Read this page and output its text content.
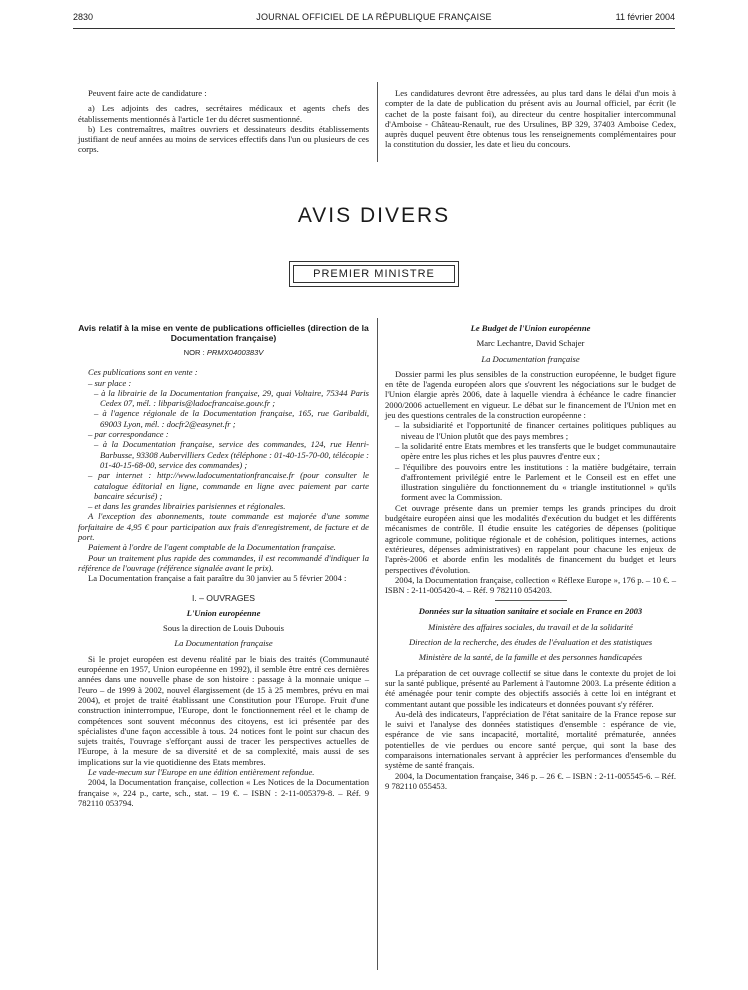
2830	JOURNAL OFFICIEL DE LA RÉPUBLIQUE FRANÇAISE	11 février 2004

Peuvent faire acte de candidature :

a) Les adjoints des cadres, secrétaires médicaux et agents chefs des établissements mentionnés à l'article 1er du décret susmentionné.

b) Les contremaîtres, maîtres ouvriers et dessinateurs desdits établissements justifiant de neuf années au moins de services effectifs dans l'un ou plusieurs de ces corps.

Les candidatures devront être adressées, au plus tard dans le délai d'un mois à compter de la date de publication du présent avis au Journal officiel, par écrit (le cachet de la poste faisant foi), au directeur du centre hospitalier intercommunal d'Amboise - Château-Renault, rue des Ursulines, BP 329, 37403 Amboise Cedex, auprès duquel peuvent être obtenus tous les renseignements complémentaires pour la constitution du dossier, les date et lieu du concours.

AVIS DIVERS
PREMIER MINISTRE

Avis relatif à la mise en vente de publications officielles (direction de la Documentation française)

NOR : PRMX0400383V

Ces publications sont en vente :

– sur place :

– à la librairie de la Documentation française, 29, quai Voltaire, 75344 Paris Cedex 07, mél. : libparis@ladocfrancaise.gouv.fr ;

– à l'agence régionale de la Documentation française, 165, rue Garibaldi, 69003 Lyon, mél. : docfr2@easynet.fr ;

– par correspondance :

– à la Documentation française, service des commandes, 124, rue Henri-Barbusse, 93308 Aubervilliers Cedex (téléphone : 01-40-15-70-00, télécopie : 01-40-15-68-00, service des commandes) ;

– par internet : http://www.ladocumentationfrancaise.fr (pour consulter le catalogue éditorial en ligne, commande en ligne avec paiement par carte bancaire sécurisé) ;

– et dans les grandes librairies parisiennes et régionales.

A l'exception des abonnements, toute commande est majorée d'une somme forfaitaire de 4,95 € pour participation aux frais d'enregistrement, de facture et de port.

Paiement à l'ordre de l'agent comptable de la Documentation française.

Pour un traitement plus rapide des commandes, il est recommandé d'indiquer la référence de l'ouvrage (référence signalée avant le prix).

La Documentation française a fait paraître du 30 janvier au 5 février 2004 :

I. – OUVRAGES

L'Union européenne

Sous la direction de Louis Dubouis

La Documentation française

Si le projet européen est devenu réalité par le biais des traités (Communauté européenne en 1957, Union européenne en 1992), il semble être entré ces dernières années dans une nouvelle phase de son histoire : passage à la monnaie unique – l'euro – de 1999 à 2002, nouvel élargissement (de 15 à 25 membres, prévu en mai 2004), et projet de traité établissant une Constitution pour l'Europe. Fruit d'une construction ininterrompue, l'Europe, dont le fonctionnement réel et le champ de compétences sont souvent méconnus des citoyens, est ici présentée par des spécialistes d'une façon accessible à tous. 24 notices font le point sur chacun des sujets traités, l'ouvrage s'efforçant aussi de tracer les perspectives actuelles de l'Europe, à la mesure de sa diversité et de sa complexité, mais aussi de ses implications sur la vie quotidienne des Etats membres.

Le vade-mecum sur l'Europe en une édition entièrement refondue.

2004, la Documentation française, collection « Les Notices de la Documentation française », 224 p., carte, sch., stat. – 19 €. – ISBN : 2-11-005379-8. – Réf. 9 782110 053794.

Le Budget de l'Union européenne

Marc Lechantre, David Schajer

La Documentation française

Dossier parmi les plus sensibles de la construction européenne, le budget figure en tête de l'agenda européen alors que s'ouvrent les négociations sur le budget de l'Union élargie après 2006, date à laquelle viendra à échéance le cadre financier 2000/2006 actuellement en vigueur. Le débat sur le financement de l'Union met en jeu des questions centrales de la construction européenne :

– la subsidiarité et l'opportunité de financer certaines politiques publiques au niveau de l'Union plutôt que des pays membres ;

– la solidarité entre Etats membres et les transferts que le budget communautaire opère entre les plus riches et les plus pauvres d'entre eux ;

– l'équilibre des pouvoirs entre les institutions : la matière budgétaire, terrain d'affrontement privilégié entre le Parlement et le Conseil est en effet une illustration singulière du fonctionnement du « triangle institutionnel » qu'ils forment avec la Commission.

Cet ouvrage présente dans un premier temps les grands principes du droit budgétaire européen ainsi que les modalités d'exécution du budget et les différents mécanismes de contrôle. Il étudie ensuite les catégories de dépenses (politique agricole commune, politique régionale et de cohésion, politiques internes, actions extérieures, dépenses administratives) en rappelant pour chacune les enjeux de l'après-2006 et aborde enfin les modalités de financement du budget et leurs perspectives d'évolution.

2004, la Documentation française, collection « Réflexe Europe », 176 p. – 10 €. – ISBN : 2-11-005420-4. – Réf. 9 782110 054203.

Données sur la situation sanitaire et sociale en France en 2003

Ministère des affaires sociales, du travail et de la solidarité

Direction de la recherche, des études de l'évaluation et des statistiques

Ministère de la santé, de la famille et des personnes handicapées

La préparation de cet ouvrage collectif se situe dans le contexte du projet de loi sur la santé publique, présenté au Parlement à l'automne 2003. La présente édition a été aménagée pour tenir compte des objectifs associés à cette loi en intégrant et commentant autant que possible les indicateurs et données pouvant s'y référer.

Au-delà des indicateurs, l'appréciation de l'état sanitaire de la France repose sur le suivi et l'analyse des données statistiques d'ensemble : espérance de vie, espérance de vie sans incapacité, mortalité, mortalité prématurée, années potentielles de vie perdues ou encore santé perçue, qui sont la base des comparaisons internationales servant à apprécier les performances d'ensemble du système de santé français.

2004, la Documentation française, 346 p. – 26 €. – ISBN : 2-11-005545-6. – Réf. 9 782110 055453.
